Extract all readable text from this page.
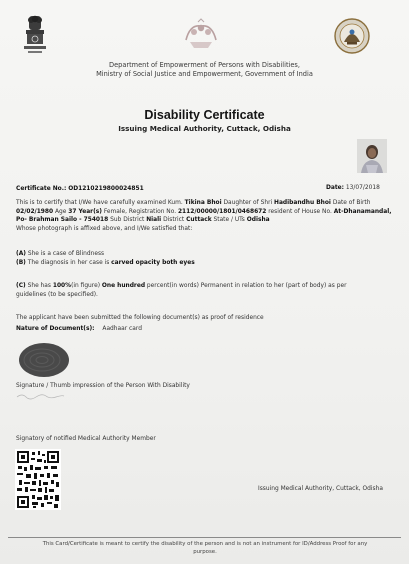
Department of Empowerment of Persons with Disabilities,
Ministry of Social Justice and Empowerment, Government of India
Disability Certificate
Issuing Medical Authority, Cuttack, Odisha
Certificate No.: OD1210219800024851	Date: 13/07/2018
This is to certify that I/We have carefully examined Kum. Tikina Bhoi Daughter of Shri Hadibandhu Bhoi Date of Birth 02/02/1980 Age 37 Year(s) Female, Registration No. 2112/00000/1801/0468672 resident of House No. At-Dhanamandal, Po- Brahman Sailo - 754018 Sub District Niali District Cuttack State / UTs Odisha
Whose photograph is affixed above, and I/We satisfied that:
(A) She is a case of Blindness
(B) The diagnosis in her case is carved opacity both eyes
(C) She has 100%(in figure) One hundred percent(in words) Permanent in relation to her (part of body) as per guidelines (to be specified).
The applicant have been submitted the following document(s) as proof of residence
Nature of Document(s): Aadhaar card
Signature / Thumb impression of the Person With Disability
Signatory of notified Medical Authority Member
Issuing Medical Authority, Cuttack, Odisha
This Card/Certificate is meant to certify the disability of the person and is not an instrument for ID/Address Proof for any purpose.
